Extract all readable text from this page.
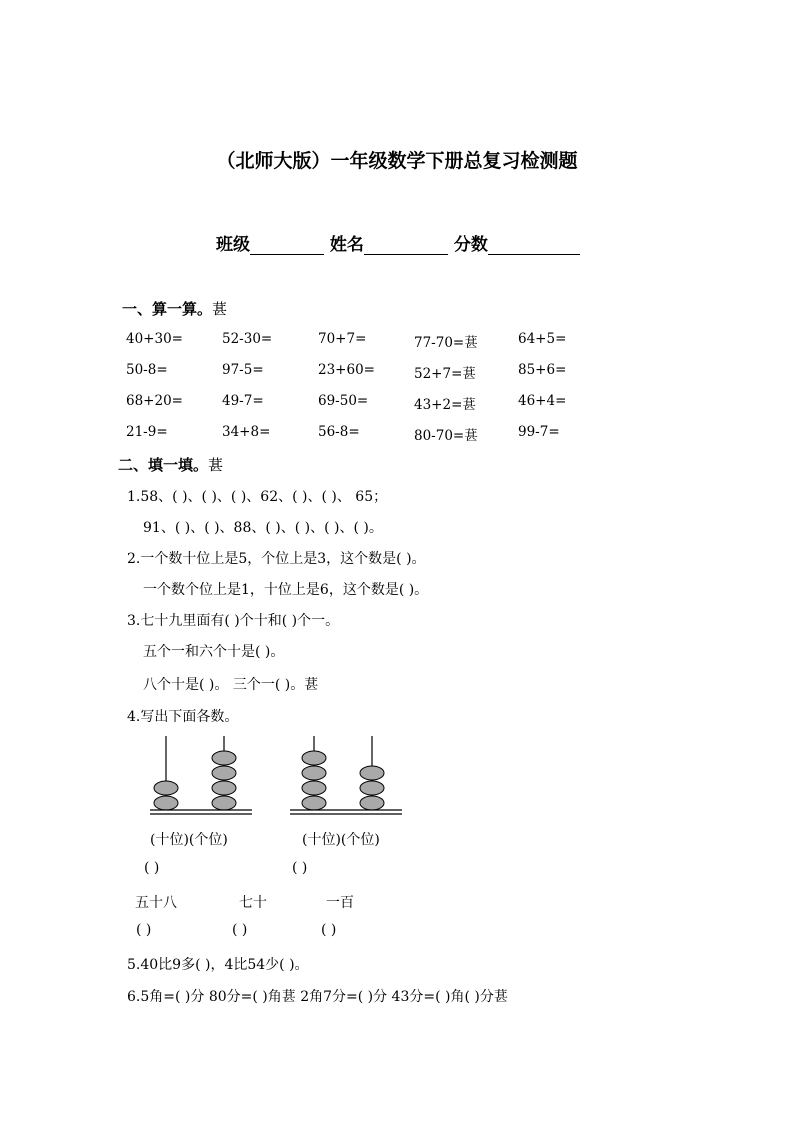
（北师大版）一年级数学下册总复习检测题
班级	姓名	分数
一、算一算。葚
40+30=	52-30=	70+7=	77-70=葚	64+5=
50-8=	97-5=	23+60=	52+7=葚	85+6=
68+20=	49-7=	69-50=	43+2=葚	46+4=
21-9=	34+8=	56-8=	80-70=葚	99-7=
二、填一填。葚
1.58、( )、( )、( )、62、( )、( )、 65；
91、( )、( )、88、( )、( )、( )、( )。
2.一个数十位上是5，个位上是3，这个数是( )。
一个数个位上是1，十位上是6，这个数是( )。
3.七十九里面有( )个十和( )个一。
五个一和六个十是( )。
八个十是( )。 三个一( )。葚
4.写出下面各数。
(十位)(个位)	(十位)(个位)
( )	( )
五十八	七十	一百
( )	( )	( )
5.40比9多( )，4比54少( )。
6.5角=( )分 80分=( )角葚 2角7分=( )分 43分=( )角( )分葚
